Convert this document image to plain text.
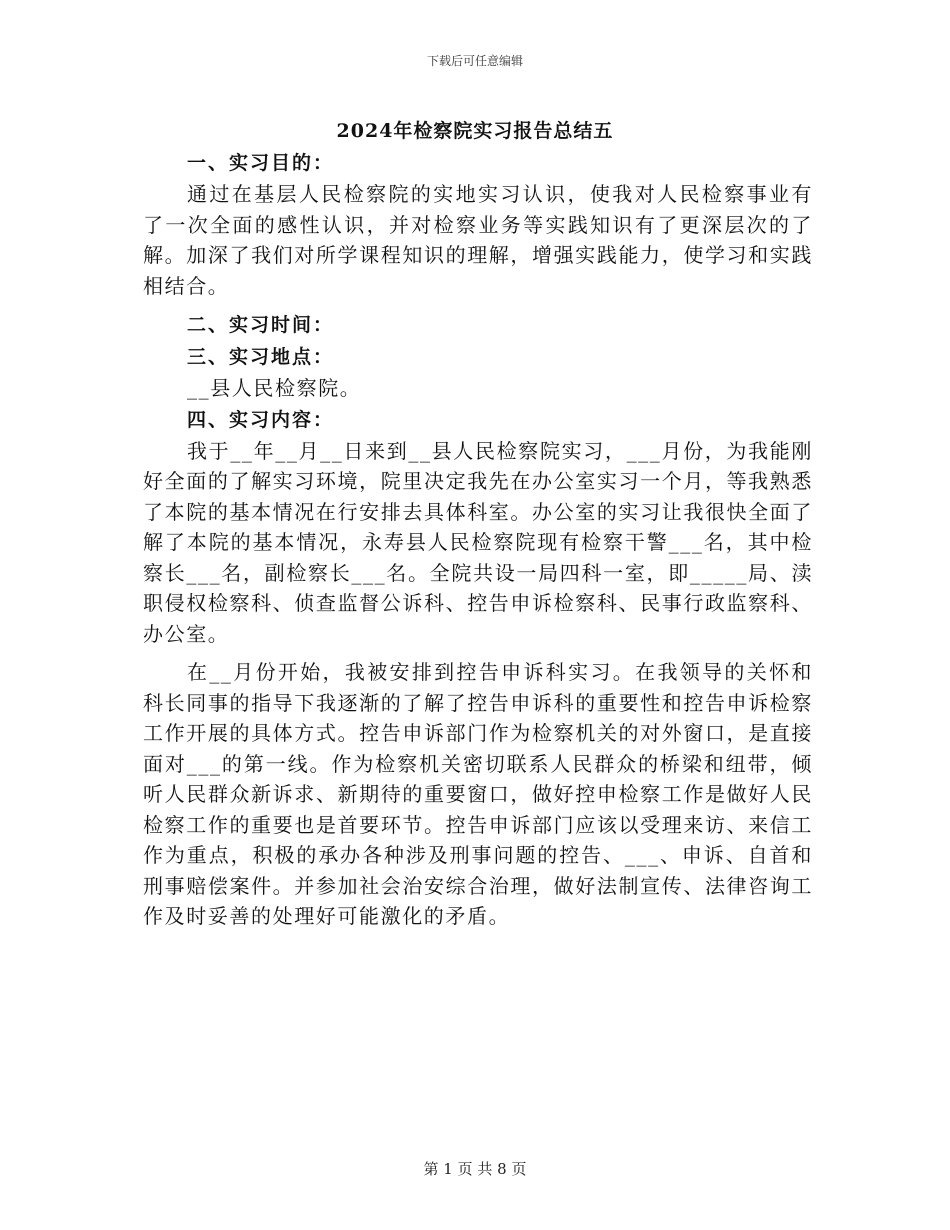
下载后可任意编辑
2024年检察院实习报告总结五
一、实习目的：

通过在基层人民检察院的实地实习认识，使我对人民检察事业有了一次全面的感性认识，并对检察业务等实践知识有了更深层次的了解。加深了我们对所学课程知识的理解，增强实践能力，使学习和实践相结合。

二、实习时间：
三、实习地点：

__县人民检察院。

四、实习内容：

我于__年__月__日来到__县人民检察院实习，___月份，为我能刚好全面的了解实习环境，院里决定我先在办公室实习一个月，等我熟悉了本院的基本情况在行安排去具体科室。办公室的实习让我很快全面了解了本院的基本情况，永寿县人民检察院现有检察干警___名，其中检察长___名，副检察长___名。全院共设一局四科一室，即_____局、渎职侵权检察科、侦查监督公诉科、控告申诉检察科、民事行政监察科、办公室。

在__月份开始，我被安排到控告申诉科实习。在我领导的关怀和科长同事的指导下我逐渐的了解了控告申诉科的重要性和控告申诉检察工作开展的具体方式。控告申诉部门作为检察机关的对外窗口，是直接面对___的第一线。作为检察机关密切联系人民群众的桥梁和纽带，倾听人民群众新诉求、新期待的重要窗口，做好控申检察工作是做好人民检察工作的重要也是首要环节。控告申诉部门应该以受理来访、来信工作为重点，积极的承办各种涉及刑事问题的控告、___、申诉、自首和刑事赔偿案件。并参加社会治安综合治理，做好法制宣传、法律咨询工作及时妥善的处理好可能激化的矛盾。

第 1 页 共 8 页
